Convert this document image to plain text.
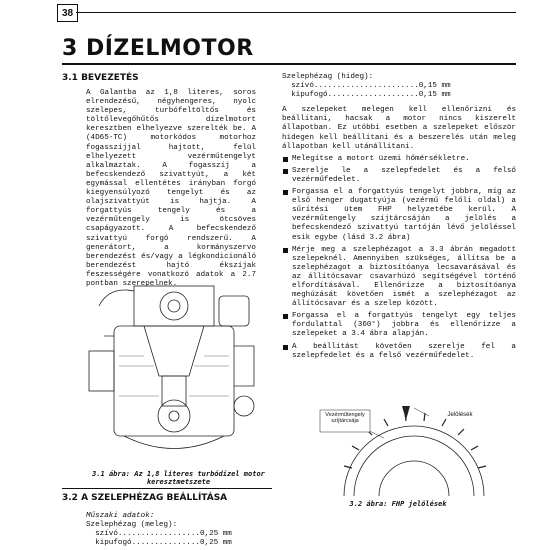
38
3 DÍZELMOTOR
3.1 BEVEZETÉS

A Galantba az 1,8 literes, soros elrendezésű, négyhengeres, nyolc szelepes, turbófeltöltős és töltőlevegőhűtős dízelmotort keresztben elhelyezve szerelték be. A (4D65-TC) motorkódos motorhoz fogasszíjjal hajtott, felül elhelyezett vezérműtengelyt alkalmaztak. A fogasszíj a befecskendező szivattyút, a két egymással ellentétes irányban forgó kiegyensúlyozó tengelyt és az olajszivattyút is hajtja. A forgattyús tengely és a vezérműtengely is ötcsöves csapágyazott. A befecskendező szivattyú forgó rendszerű. A generátort, a kormányszervo berendezést és/vagy a légkondicionáló berendezést hajtó ékszíjak feszességére vonatkozó adatok a 2.7 pontban szerepelnek.

3.1 ábra: Az 1,8 literes turbódízel motor keresztmetszete
3.2 A SZELEPHÉZAG BEÁLLÍTÁSA
Műszaki adatok:
Szelephézag (meleg):
szívó..................0,25 mm
kipufogó...............0,25 mm
Szelephézag (hideg):
szívó.......................0,15 mm
kipufogó....................0,15 mm

A szelepeket melegen kell ellenőrizni és beállítani, hacsak a motor nincs kiszerelt állapotban. Ez utóbbi esetben a szelepeket először hidegen kell beállítani és a beszerelés után meleg állapotban kell utánállítani.

Melegítse a motort üzemi hőmérsékletre.
Szerelje le a szelepfedelet és a felső vezérműfedelet.
Forgassa el a forgattyús tengelyt jobbra, míg az első henger dugattyúja (vezérmű felőli oldal) a sűrítési ütem FHP helyzetébe kerül. A vezérműtengely szíjtárcsáján a jelölés a befecskendező szivattyú tartóján lévő jelöléssel esik egybe (lásd 3.2 ábra)
Mérje meg a szelephézagot a 3.3 ábrán megadott szelepeknél. Amennyiben szükséges, állítsa be a szelephézagot a biztosítóanya lecsavarásával és az állítócsavar csavarhúzó segítségével történő elfordításával. Ellenőrizze a biztosítóanya meghúzását követően ismét a szelephézagot az állítócsavar és a szelep között.
Forgassa el a forgattyús tengelyt egy teljes fordulattal (360°) jobbra és ellenőrizze a szelepeket a 3.4 ábra alapján.
A beállítást követően szerelje fel a szelepfedelet és a felső vezérműfedelet.
Vezérműtengely szíjtárcsája
Jelölések
3.2 ábra: FHP jelölések
